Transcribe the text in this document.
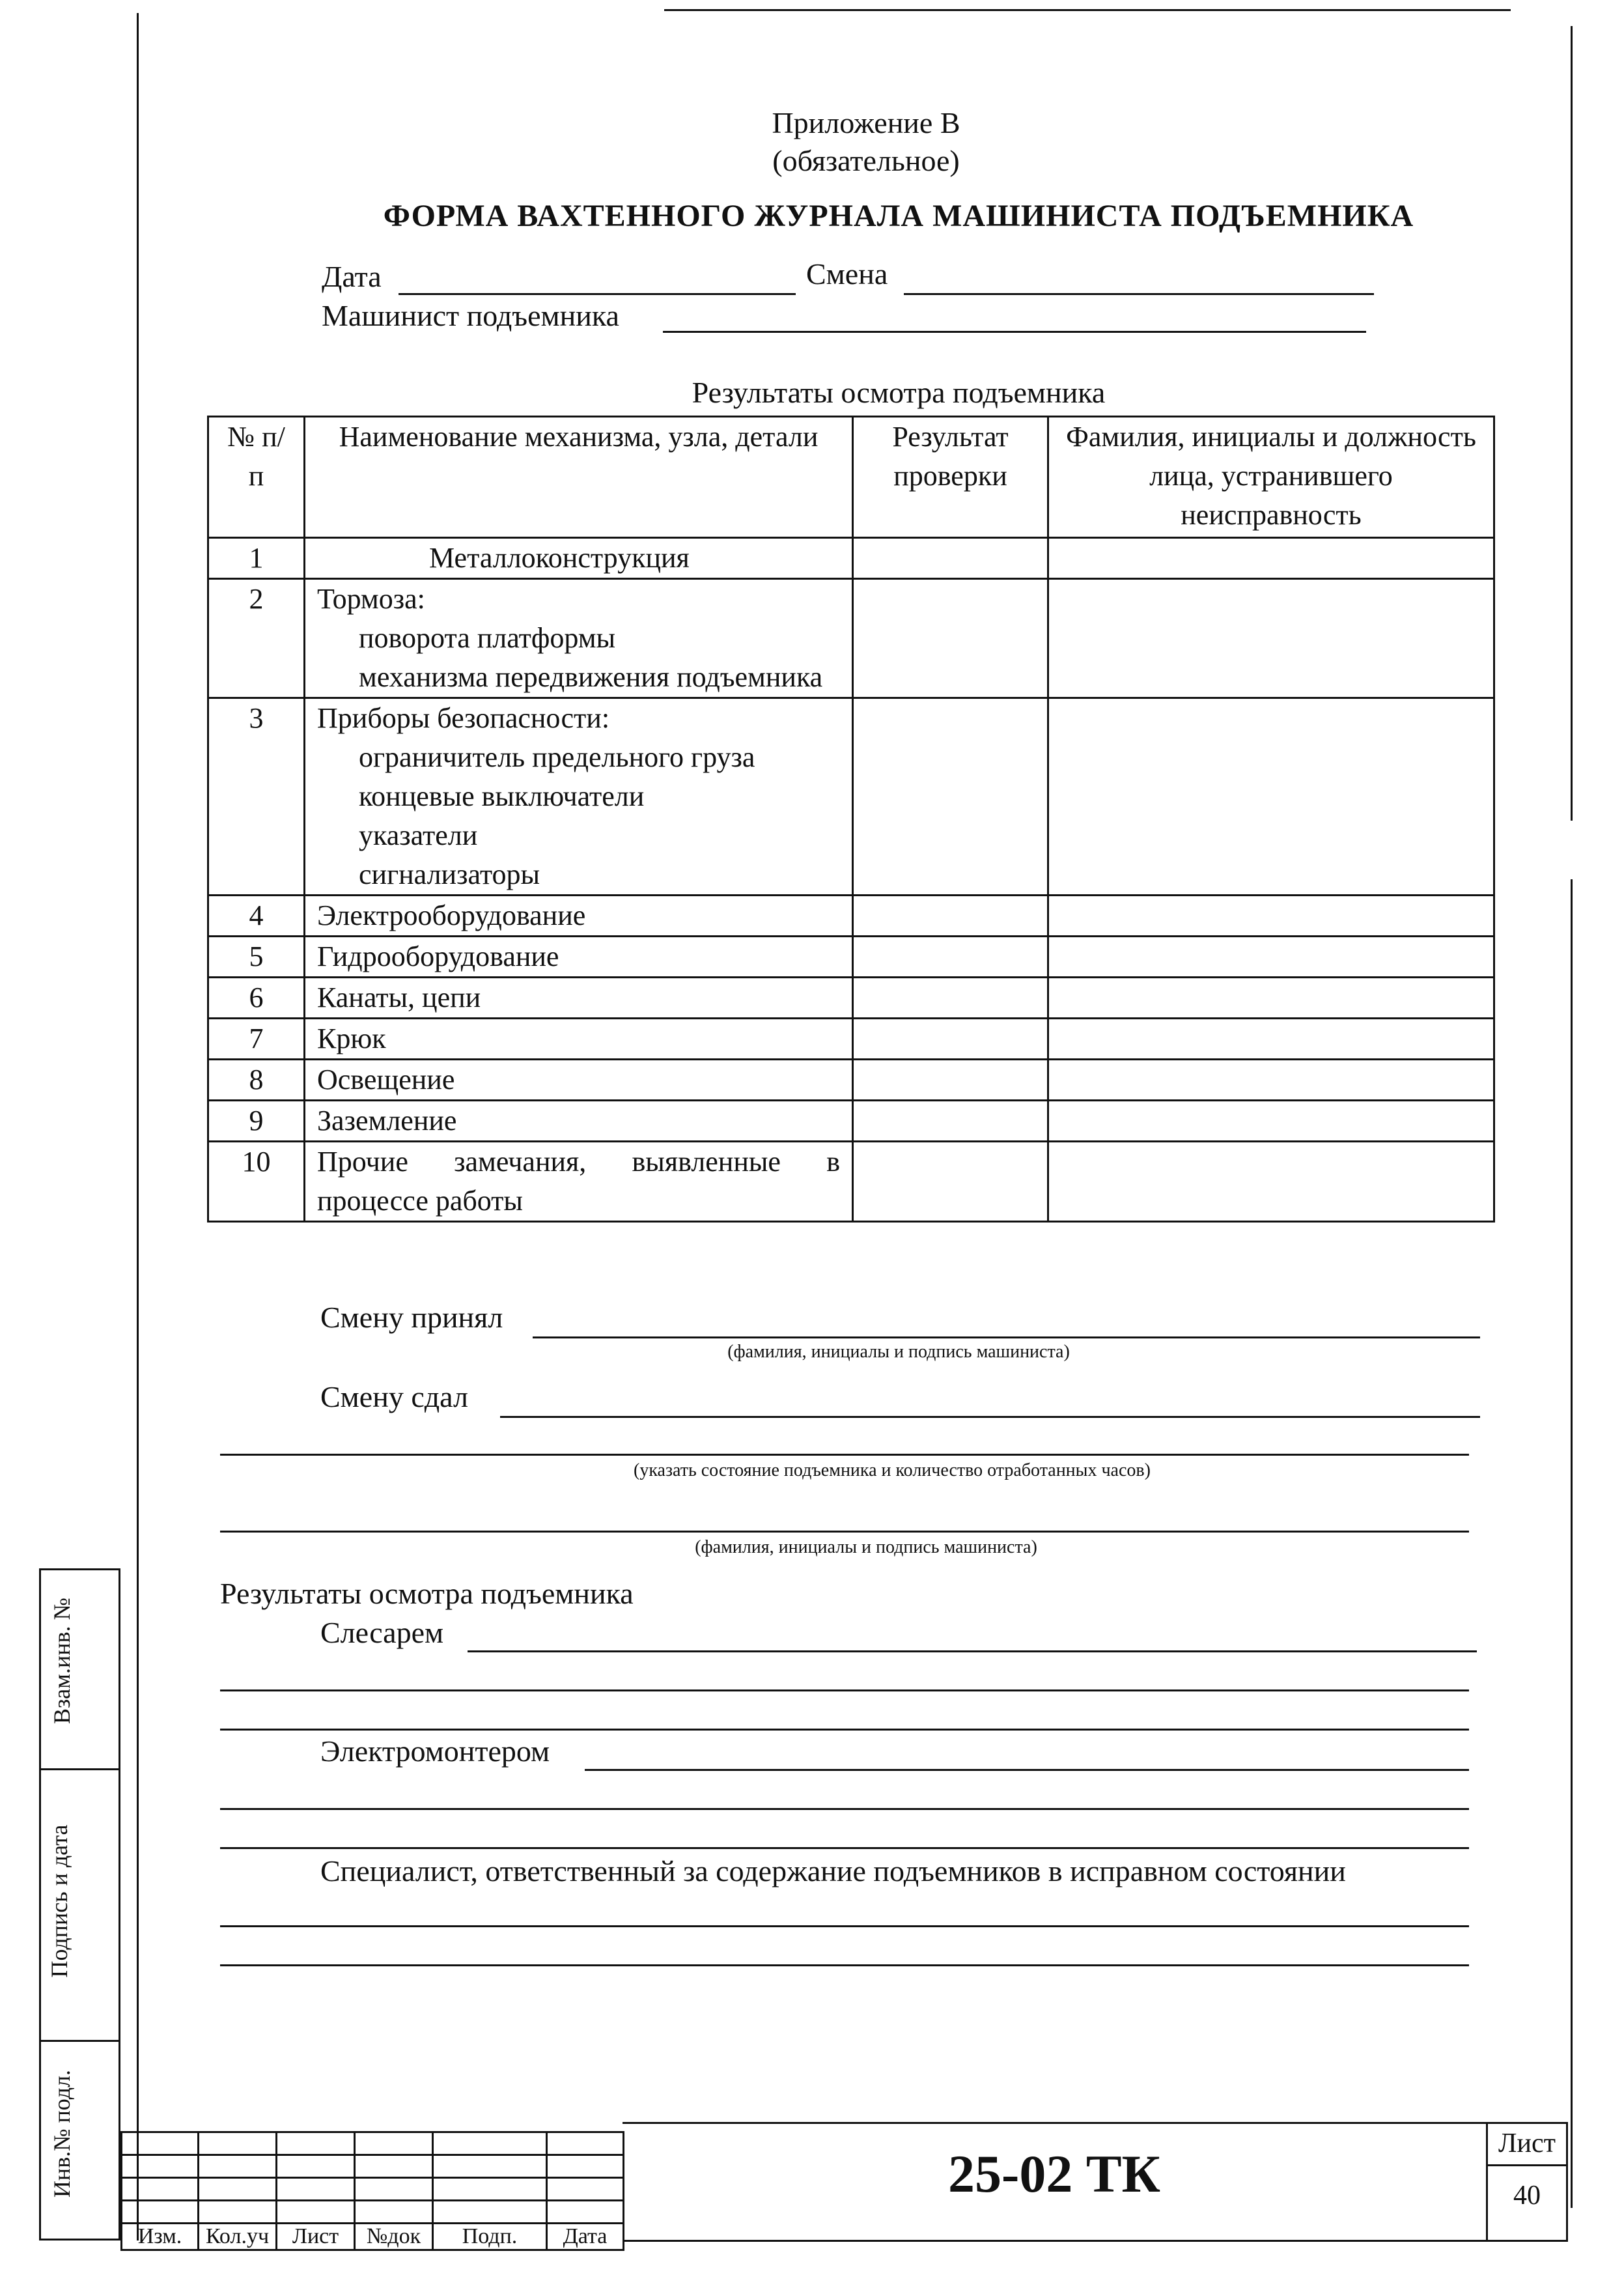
Приложение В
(обязательное)
ФОРМА ВАХТЕННОГО ЖУРНАЛА МАШИНИСТА ПОДЪЕМНИКА
Дата	Смена
Машинист подъемника
Результаты осмотра подъемника
№ п/п	Наименование механизма, узла, детали	Результат проверки	Фамилия, инициалы и должность лица, устранившего неисправность
1	Металлоконструкция		
2	Тормоза:
поворота платформы
механизма передвижения подъемника		

3	Приборы безопасности:
ограничитель предельного груза
концевые выключатели
указатели
сигнализаторы		

4	Электрооборудование		
5	Гидрооборудование		
6	Канаты, цепи		
7	Крюк		
8	Освещение		
9	Заземление		
10	Прочие замечания, выявленные в процессе работы		
Смену принял
(фамилия, инициалы и подпись машиниста)
Смену сдал
(указать состояние подъемника и количество отработанных часов)
(фамилия, инициалы и подпись машиниста)
Результаты осмотра подъемника
Слесарем
Электромонтером
Специалист, ответственный за содержание подъемников в исправном состоянии
Взам.инв. №
Подпись и дата
Инв.№ подл.

Изм.	Кол.уч	Лист	№док	Подп.	Дата
25-02 ТК
Лист
40
